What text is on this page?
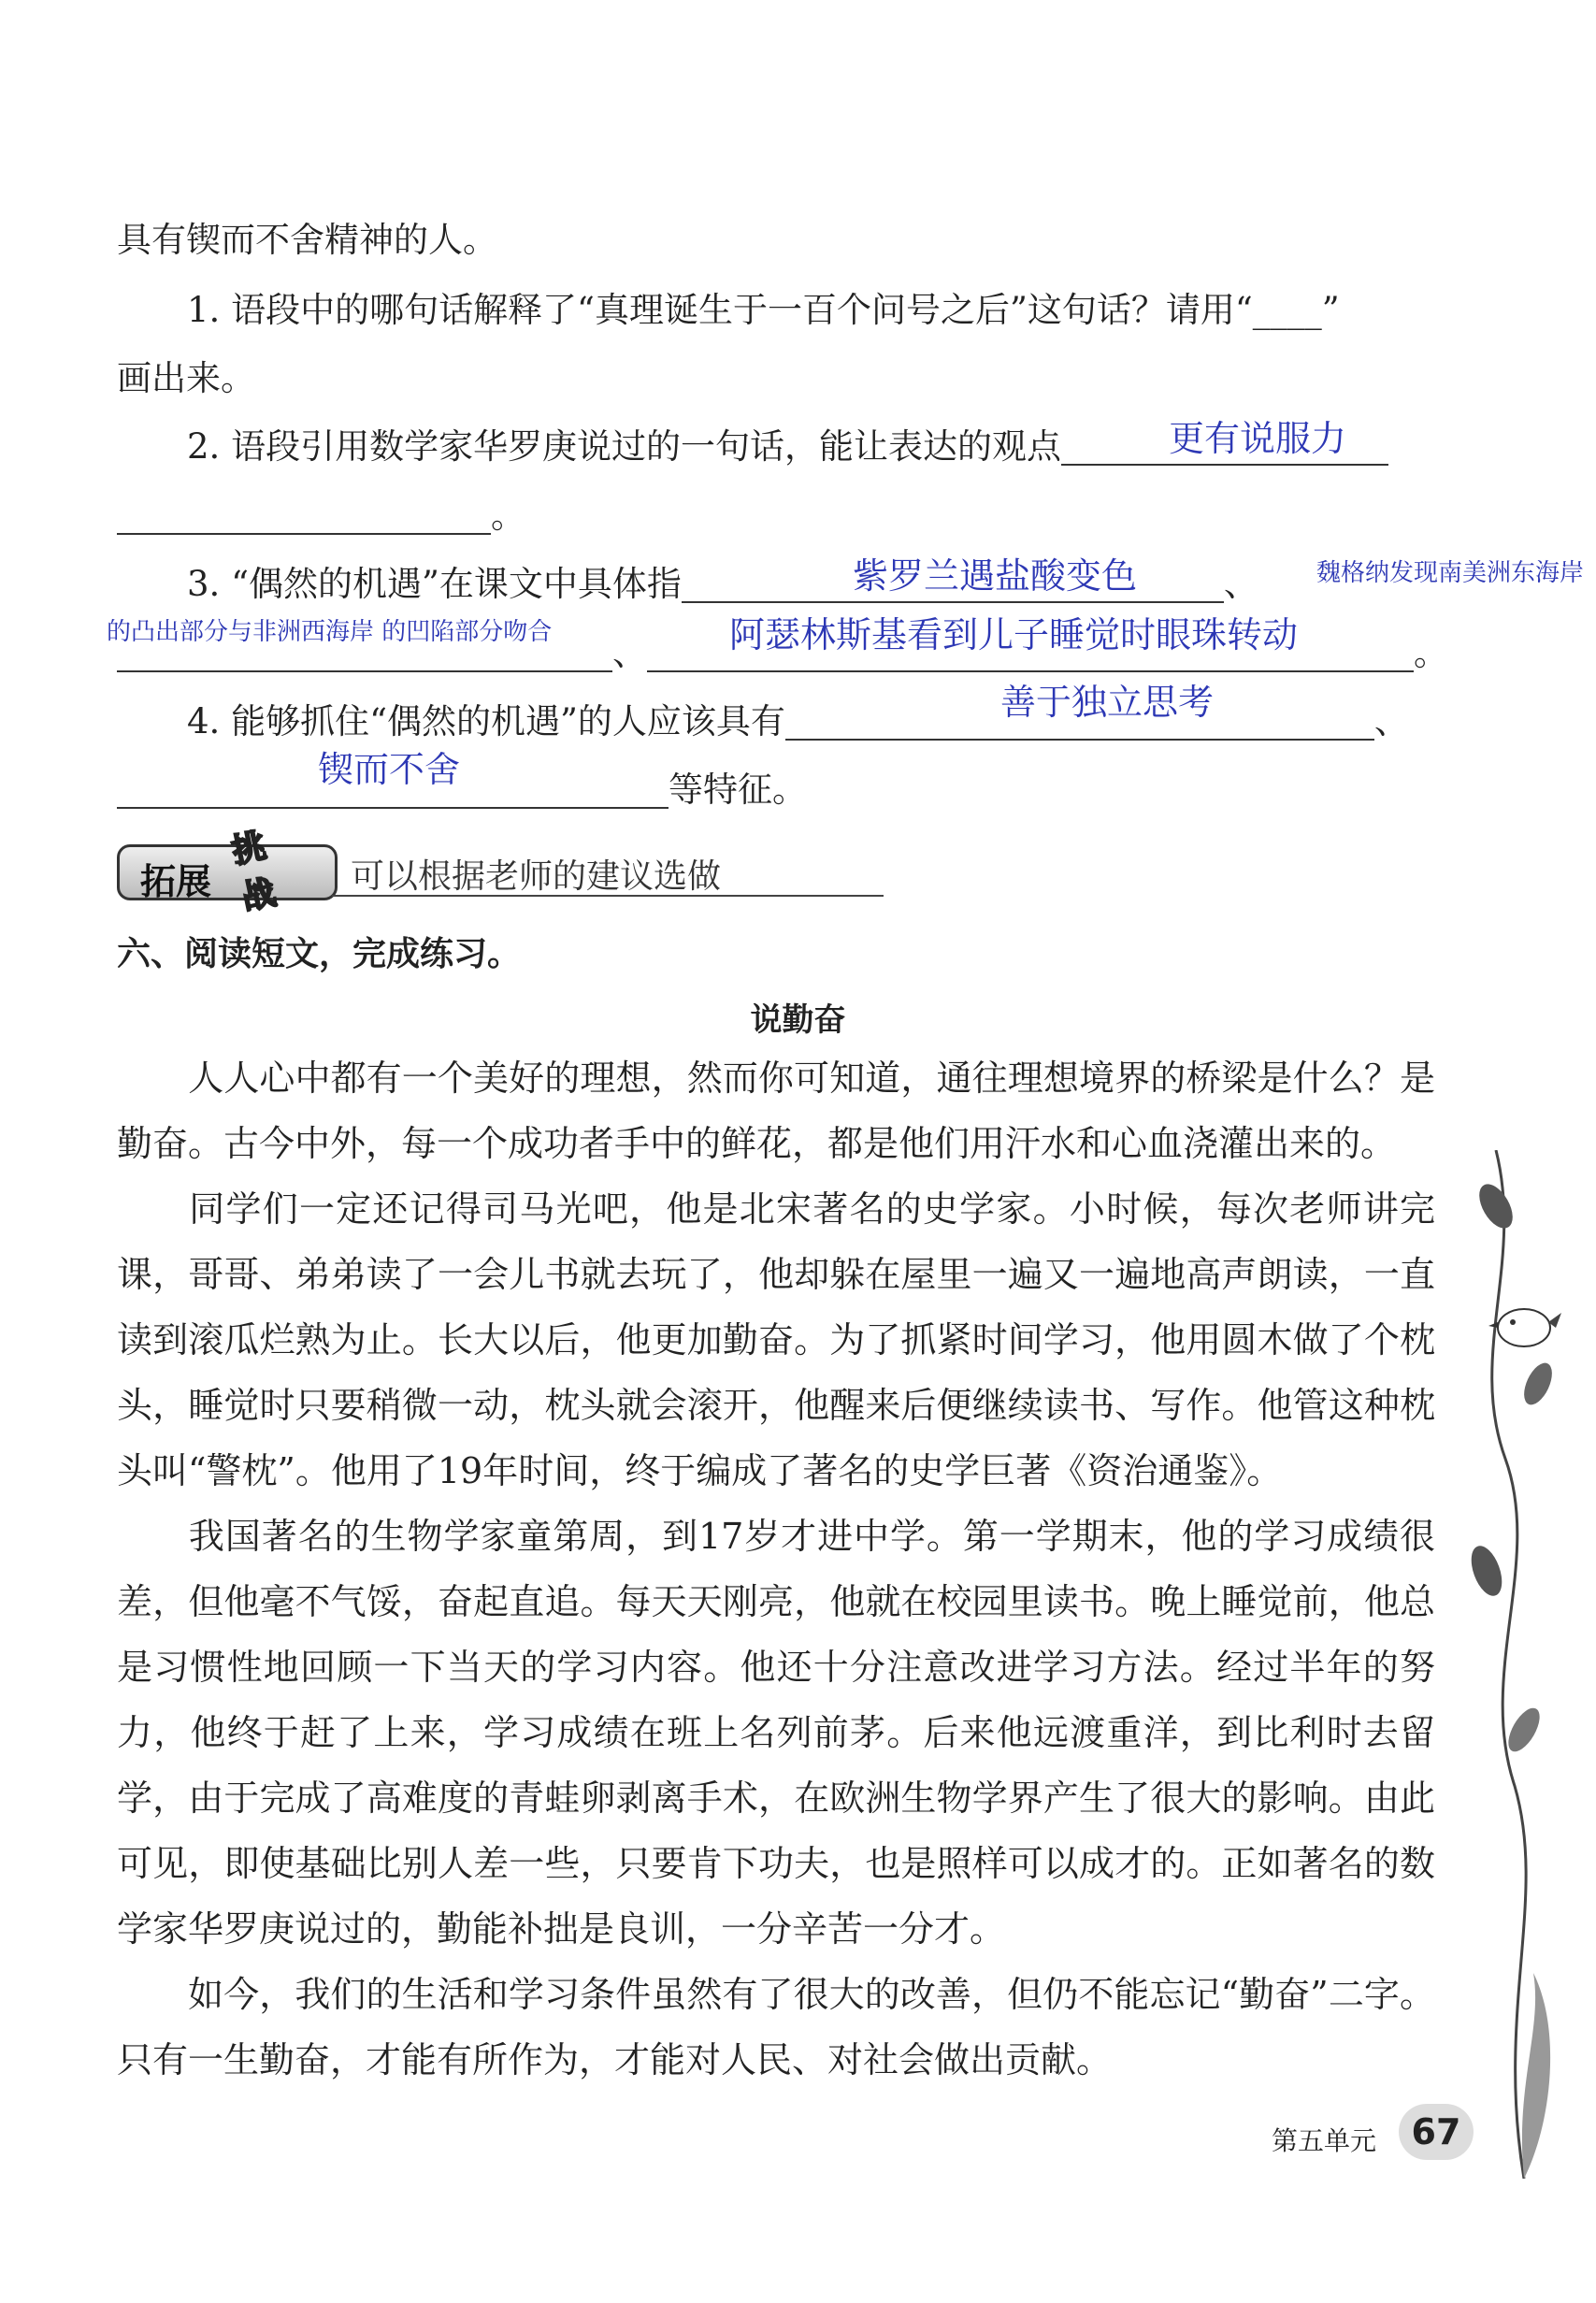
具有锲而不舍精神的人。
1. 语段中的哪句话解释了“真理诞生于一百个问号之后”这句话？请用“____”
画出来。
2. 语段引用数学家华罗庚说过的一句话，能让表达的观点	更有说服力
。
3. “偶然的机遇”在课文中具体指	、
紫罗兰遇盐酸变色	魏格纳发现南美洲东海岸
的凸出部分与非洲西海岸 的凹陷部分吻合
、	。
阿瑟林斯基看到儿子睡觉时眼珠转动
4. 能够抓住“偶然的机遇”的人应该具有	、
善于独立思考
等特征。
锲而不舍
拓展
挑战 可以根据老师的建议选做
六、阅读短文，完成练习。
说勤奋
人人心中都有一个美好的理想，然而你可知道，通往理想境界的桥梁是什么？是勤奋。古今中外，每一个成功者手中的鲜花，都是他们用汗水和心血浇灌出来的。
同学们一定还记得司马光吧，他是北宋著名的史学家。小时候，每次老师讲完课，哥哥、弟弟读了一会儿书就去玩了，他却躲在屋里一遍又一遍地高声朗读，一直读到滚瓜烂熟为止。长大以后，他更加勤奋。为了抓紧时间学习，他用圆木做了个枕头，睡觉时只要稍微一动，枕头就会滚开，他醒来后便继续读书、写作。他管这种枕头叫“警枕”。他用了19年时间，终于编成了著名的史学巨著《资治通鉴》。
我国著名的生物学家童第周，到17岁才进中学。第一学期末，他的学习成绩很差，但他毫不气馁，奋起直追。每天天刚亮，他就在校园里读书。晚上睡觉前，他总是习惯性地回顾一下当天的学习内容。他还十分注意改进学习方法。经过半年的努力，他终于赶了上来，学习成绩在班上名列前茅。后来他远渡重洋，到比利时去留学，由于完成了高难度的青蛙卵剥离手术，在欧洲生物学界产生了很大的影响。由此可见，即使基础比别人差一些，只要肯下功夫，也是照样可以成才的。正如著名的数学家华罗庚说过的，勤能补拙是良训，一分辛苦一分才。
如今，我们的生活和学习条件虽然有了很大的改善，但仍不能忘记“勤奋”二字。只有一生勤奋，才能有所作为，才能对人民、对社会做出贡献。
第五单元 67
